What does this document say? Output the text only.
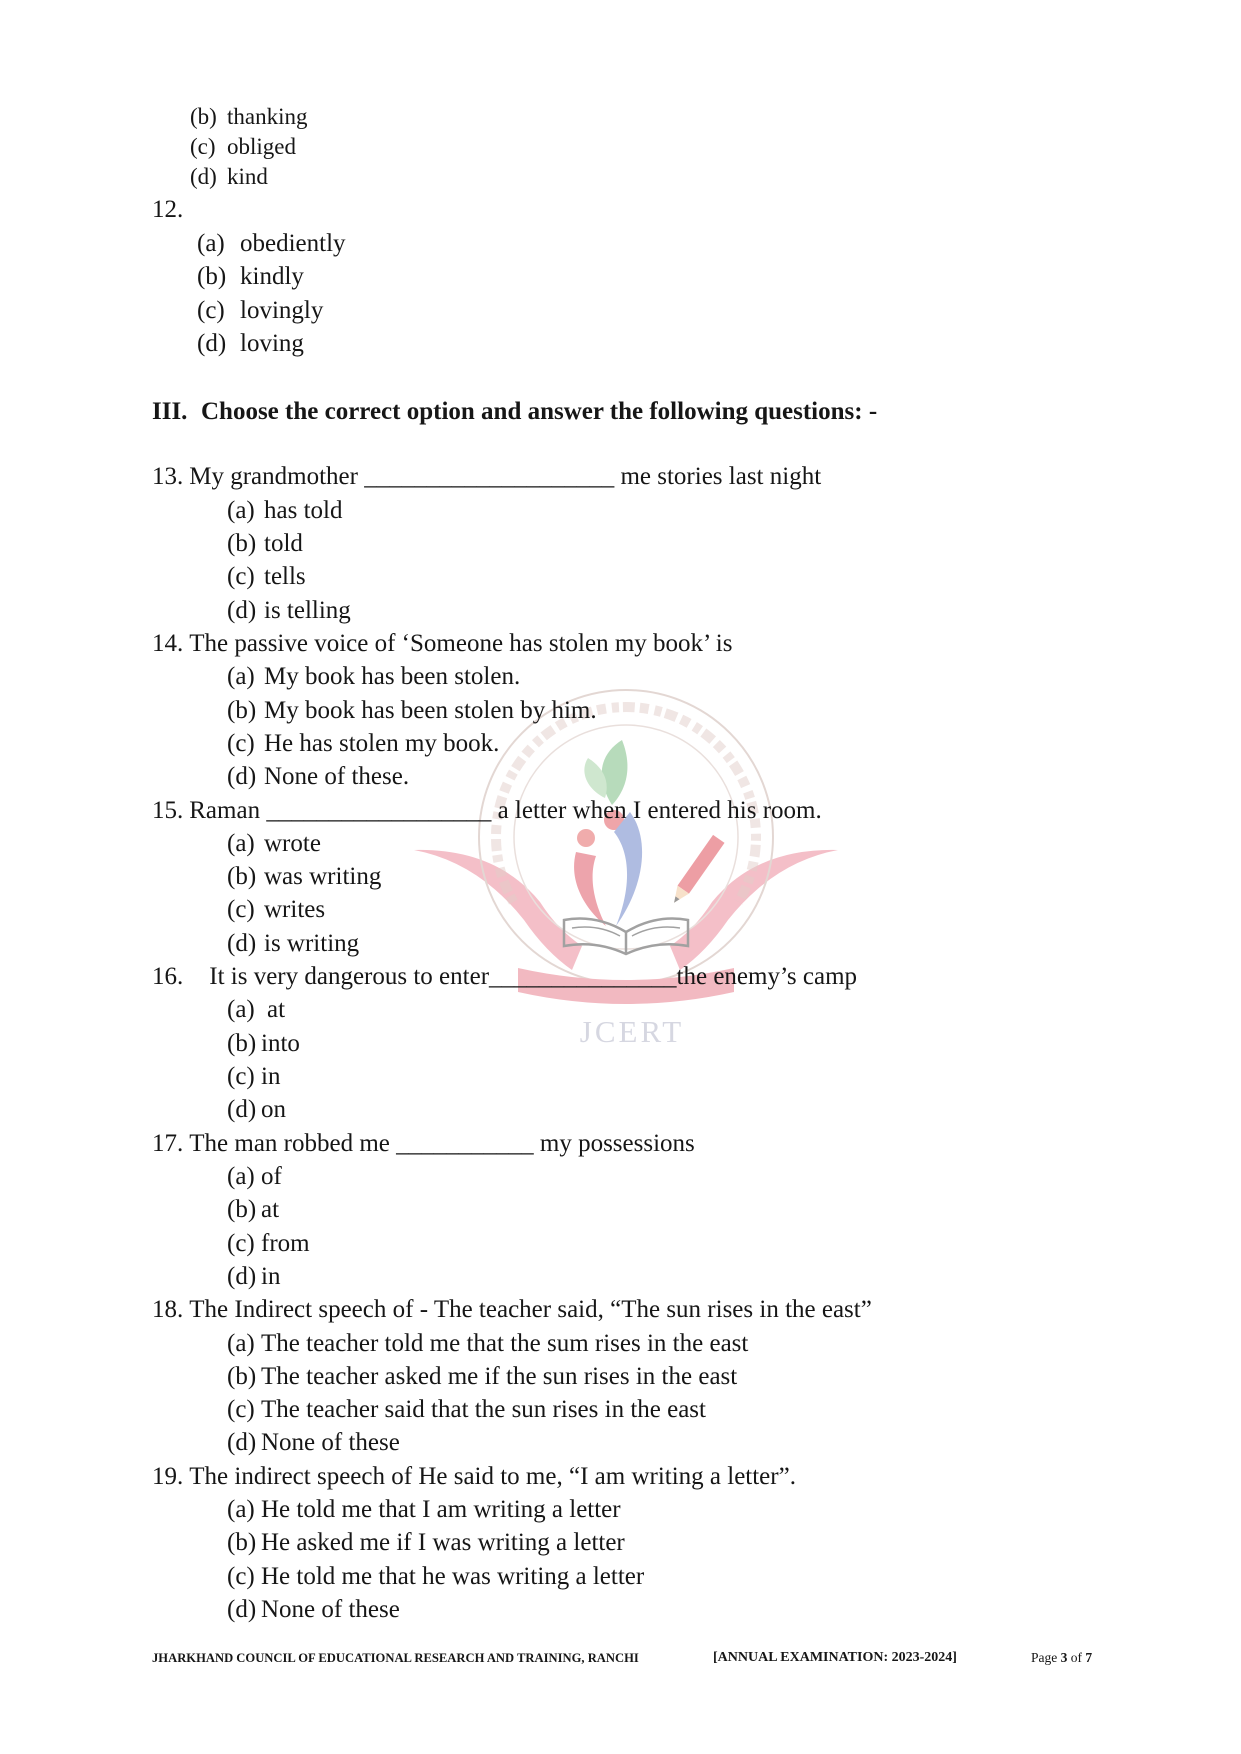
JCERT
(b) thanking
(c) obliged
(d) kind
12.
(a) obediently
(b) kindly
(c) lovingly
(d) loving
III. Choose the correct option and answer the following questions: -
13. My grandmother ____________________ me stories last night
(a) has told
(b) told
(c) tells
(d) is telling
14. The passive voice of ‘Someone has stolen my book’ is
(a) My book has been stolen.
(b) My book has been stolen by him.
(c) He has stolen my book.
(d) None of these.
15. Raman __________________ a letter when I entered his room.
(a) wrote
(b) was writing
(c) writes
(d) is writing
16. It is very dangerous to enter_______________the enemy’s camp
(a) at
(b) into
(c) in
(d) on
17. The man robbed me ___________ my possessions
(a) of
(b) at
(c) from
(d) in
18. The Indirect speech of - The teacher said, “The sun rises in the east”
(a) The teacher told me that the sum rises in the east
(b) The teacher asked me if the sun rises in the east
(c) The teacher said that the sun rises in the east
(d) None of these
19. The indirect speech of He said to me, “I am writing a letter”.
(a) He told me that I am writing a letter
(b) He asked me if I was writing a letter
(c) He told me that he was writing a letter
(d) None of these
JHARKHAND COUNCIL OF EDUCATIONAL RESEARCH AND TRAINING, RANCHI	[ANNUAL EXAMINATION: 2023-2024]	Page 3 of 7
